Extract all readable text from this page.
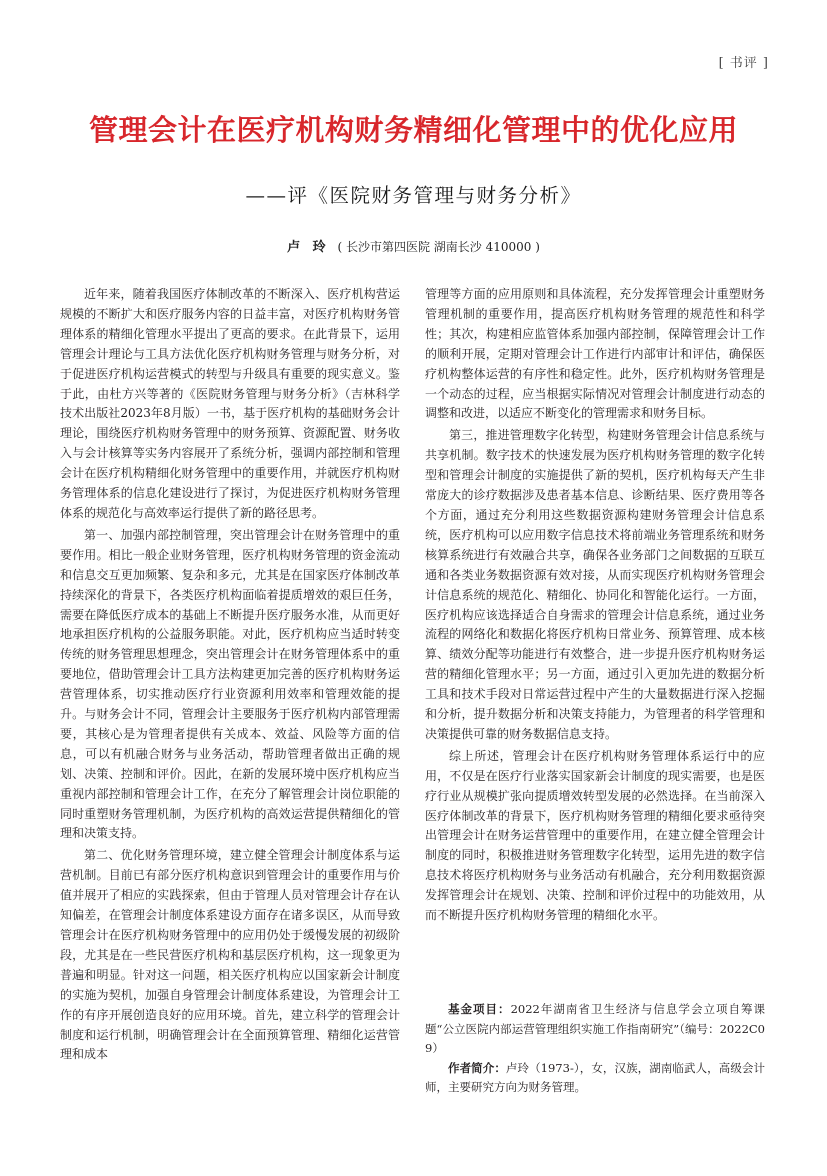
[ 书评 ]
管理会计在医疗机构财务精细化管理中的优化应用
——评《医院财务管理与财务分析》
卢 玲 ( 长沙市第四医院 湖南长沙 410000 )

近年来，随着我国医疗体制改革的不断深入、医疗机构营运规模的不断扩大和医疗服务内容的日益丰富，对医疗机构财务管理体系的精细化管理水平提出了更高的要求。在此背景下，运用管理会计理论与工具方法优化医疗机构财务管理与财务分析，对于促进医疗机构运营模式的转型与升级具有重要的现实意义。鉴于此，由杜方兴等著的《医院财务管理与财务分析》（吉林科学技术出版社2023年8月版）一书，基于医疗机构的基础财务会计理论，围绕医疗机构财务管理中的财务预算、资源配置、财务收入与会计核算等实务内容展开了系统分析，强调内部控制和管理会计在医疗机构精细化财务管理中的重要作用，并就医疗机构财务管理体系的信息化建设进行了探讨，为促进医疗机构财务管理体系的规范化与高效率运行提供了新的路径思考。

第一、加强内部控制管理，突出管理会计在财务管理中的重要作用。相比一般企业财务管理，医疗机构财务管理的资金流动和信息交互更加频繁、复杂和多元，尤其是在国家医疗体制改革持续深化的背景下，各类医疗机构面临着提质增效的艰巨任务，需要在降低医疗成本的基础上不断提升医疗服务水准，从而更好地承担医疗机构的公益服务职能。对此，医疗机构应当适时转变传统的财务管理思想理念，突出管理会计在财务管理体系中的重要地位，借助管理会计工具方法构建更加完善的医疗机构财务运营管理体系，切实推动医疗行业资源利用效率和管理效能的提升。与财务会计不同，管理会计主要服务于医疗机构内部管理需要，其核心是为管理者提供有关成本、效益、风险等方面的信息，可以有机融合财务与业务活动，帮助管理者做出正确的规划、决策、控制和评价。因此，在新的发展环境中医疗机构应当重视内部控制和管理会计工作，在充分了解管理会计岗位职能的同时重塑财务管理机制，为医疗机构的高效运营提供精细化的管理和决策支持。

第二、优化财务管理环境，建立健全管理会计制度体系与运营机制。目前已有部分医疗机构意识到管理会计的重要作用与价值并展开了相应的实践探索，但由于管理人员对管理会计存在认知偏差，在管理会计制度体系建设方面存在诸多误区，从而导致管理会计在医疗机构财务管理中的应用仍处于缓慢发展的初级阶段，尤其是在一些民营医疗机构和基层医疗机构，这一现象更为普遍和明显。针对这一问题，相关医疗机构应以国家新会计制度的实施为契机，加强自身管理会计制度体系建设，为管理会计工作的有序开展创造良好的应用环境。首先，建立科学的管理会计制度和运行机制，明确管理会计在全面预算管理、精细化运营管理和成本

管理等方面的应用原则和具体流程，充分发挥管理会计重塑财务管理机制的重要作用，提高医疗机构财务管理的规范性和科学性；其次，构建相应监管体系加强内部控制，保障管理会计工作的顺利开展，定期对管理会计工作进行内部审计和评估，确保医疗机构整体运营的有序性和稳定性。此外，医疗机构财务管理是一个动态的过程，应当根据实际情况对管理会计制度进行动态的调整和改进，以适应不断变化的管理需求和财务目标。

第三，推进管理数字化转型，构建财务管理会计信息系统与共享机制。数字技术的快速发展为医疗机构财务管理的数字化转型和管理会计制度的实施提供了新的契机，医疗机构每天产生非常庞大的诊疗数据涉及患者基本信息、诊断结果、医疗费用等各个方面，通过充分利用这些数据资源构建财务管理会计信息系统，医疗机构可以应用数字信息技术将前端业务管理系统和财务核算系统进行有效融合共享，确保各业务部门之间数据的互联互通和各类业务数据资源有效对接，从而实现医疗机构财务管理会计信息系统的规范化、精细化、协同化和智能化运行。一方面，医疗机构应该选择适合自身需求的管理会计信息系统，通过业务流程的网络化和数据化将医疗机构日常业务、预算管理、成本核算、绩效分配等功能进行有效整合，进一步提升医疗机构财务运营的精细化管理水平；另一方面，通过引入更加先进的数据分析工具和技术手段对日常运营过程中产生的大量数据进行深入挖掘和分析，提升数据分析和决策支持能力，为管理者的科学管理和决策提供可靠的财务数据信息支持。

综上所述，管理会计在医疗机构财务管理体系运行中的应用，不仅是在医疗行业落实国家新会计制度的现实需要，也是医疗行业从规模扩张向提质增效转型发展的必然选择。在当前深入医疗体制改革的背景下，医疗机构财务管理的精细化要求亟待突出管理会计在财务运营管理中的重要作用，在建立健全管理会计制度的同时，积极推进财务管理数字化转型，运用先进的数字信息技术将医疗机构财务与业务活动有机融合，充分利用数据资源发挥管理会计在规划、决策、控制和评价过程中的功能效用，从而不断提升医疗机构财务管理的精细化水平。

基金项目：2022年湖南省卫生经济与信息学会立项自筹课题“公立医院内部运营管理组织实施工作指南研究”（编号：2022C09）

作者简介：卢玲（1973-），女，汉族，湖南临武人，高级会计师，主要研究方向为财务管理。
